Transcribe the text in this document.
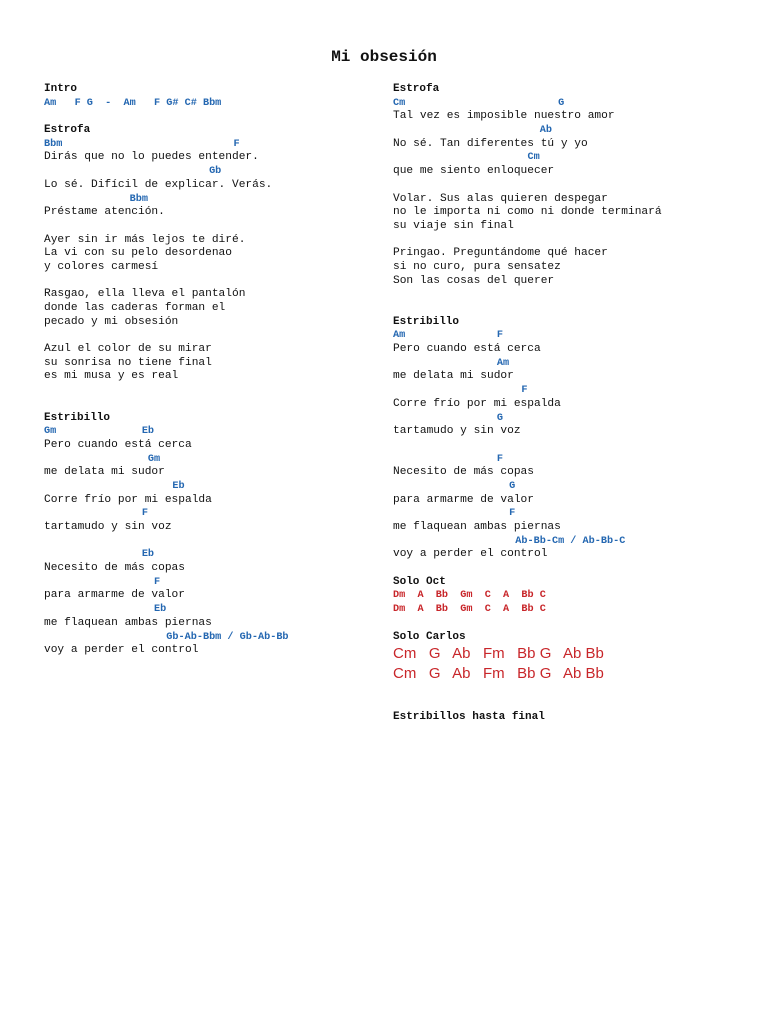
Mi obsesión
Intro
Am   F G  -  Am   F G# C# Bbm
Estrofa
Bbm                            F
Dirás que no lo puedes entender.
Gb
Lo sé. Difícil de explicar. Verás.
Bbm
Préstame atención.
Ayer sin ir más lejos te diré.
La vi con su pelo desordenao
y colores carmesí
Rasgao, ella lleva el pantalón
donde las caderas forman el
pecado y mi obsesión
Azul el color de su mirar
su sonrisa no tiene final
es mi musa y es real
Estribillo
Gm              Eb
Pero cuando está cerca
Gm
me delata mi sudor
Eb
Corre frío por mi espalda
F
tartamudo y sin voz
Eb
Necesito de más copas
F
para armarme de valor
Eb
me flaquean ambas piernas
Gb-Ab-Bbm / Gb-Ab-Bb
voy a perder el control
Estrofa
Cm                         G
Tal vez es imposible nuestro amor
Ab
No sé. Tan diferentes tú y yo
Cm
que me siento enloquecer
Volar. Sus alas quieren despegar
no le importa ni como ni donde terminará
su viaje sin final
Pringao. Preguntándome qué hacer
si no curo, pura sensatez
Son las cosas del querer
Estribillo
Am               F
Pero cuando está cerca
Am
me delata mi sudor
F
Corre frío por mi espalda
G
tartamudo y sin voz
F
Necesito de más copas
G
para armarme de valor
F
me flaquean ambas piernas
Ab-Bb-Cm / Ab-Bb-C
voy a perder el control
Solo Oct
Dm  A  Bb  Gm  C  A  Bb C
Dm  A  Bb  Gm  C  A  Bb C
Solo Carlos
Cm   G   Ab   Fm   Bb G   Ab Bb
Cm   G   Ab   Fm   Bb G   Ab Bb
Estribillos hasta final
